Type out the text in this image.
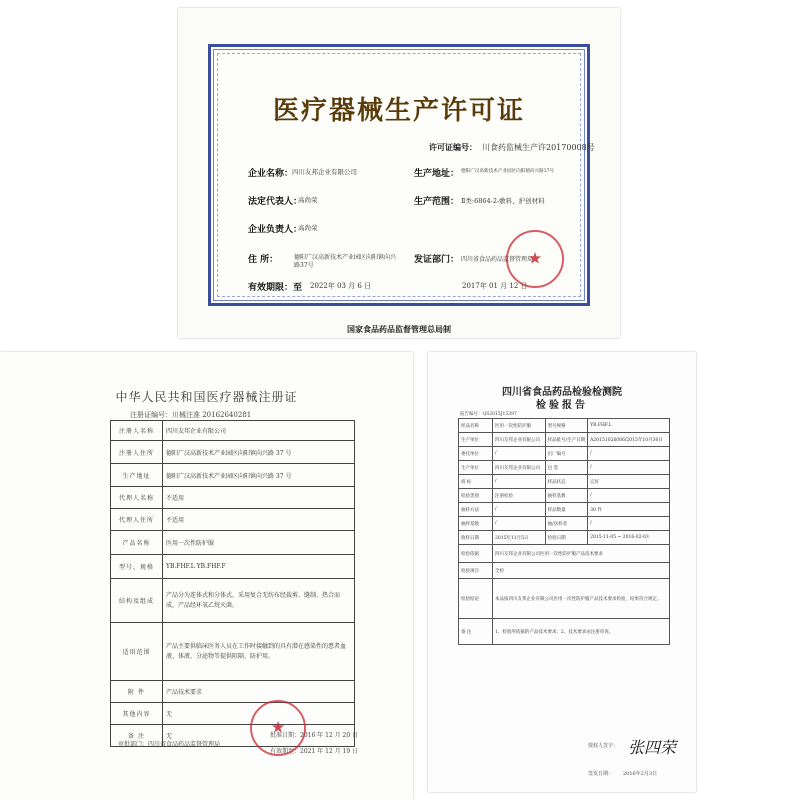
医疗器械生产许可证
许可证编号： 川食药监械生产许20170008号
企业名称：
四川友邦企业有限公司	生产地址： 德阳广汉高新技术产业园区向阳镇向兴路37号
法定代表人：
高尚荣	生产范围： Ⅱ类:6864-2-敷料、护创材料
企业负责人：
高尚荣
住 所：	德阳广汉高新技术产业园区向阳镇向兴路37号
发证部门： 四川省食品药品监督管理局
有效期限：至 2022年 03 月 6 日	2017年 01 月 12 日
★
国家食品药品监督管理总局制
中华人民共和国医疗器械注册证
注册证编号：川械注准 20162640281
注册人名称	四川友邦企业有限公司
注册人住所	德阳广汉高新技术产业园区向阳镇向兴路 37 号
生产地址	德阳广汉高新技术产业园区向阳镇向兴路 37 号
代理人名称	不适用
代理人住所	不适用
产品名称	医用一次性防护服
型号、规格	YB.FHF.L YB.FHF.F
结构及组成	产品分为连体式和分体式，采用复合无纺布经裁剪、缝制、热合而成，产品经环氧乙烷灭菌。
适用范围	产品主要供临床医务人员在工作时接触到的具有潜在感染性的患者血液、体液、分泌物等提供阻隔、防护用。
附 件	产品技术要求
其他内容	无
备 注	无
审批部门：四川省食品药品监督管理局
批准日期：2016 年 12 月 20 日
有效期至：2021 年 12 月 19 日
★
四川省食品药品检验检测院
检验报告
报告编号：QS2015J15397
样品名称	医用一次性防护服	型号规格	YB.FHF.L
生产单位	四川友邦企业有限公司	样品批号/生产日期	A20151026006/2015年10月30日
委托单位	/	出厂编号	/
生产单位	四川友邦企业有限公司	包 装	/
商 标	/	样品状态	完好
检验类别	注册检验	抽样基数	/
抽样方法	/	样品数量	30 件
抽样基数	/	抽/送样者	/
收样日期	2015年11月5日	检验日期	2015-11-05 ~ 2016-02-03
检验依据	四川友邦企业有限公司医用一次性防护服产品技术要求		
检验项目	全检		
检验结论	本品按四川友邦企业有限公司医用一次性防护服产品技术要求检验，结果符合规定。		
备 注	1、检验所依据的产品技术要求；2、技术要求由注册审查。		
授权人签字： 张四荣
签发日期： 2016年2月3日
